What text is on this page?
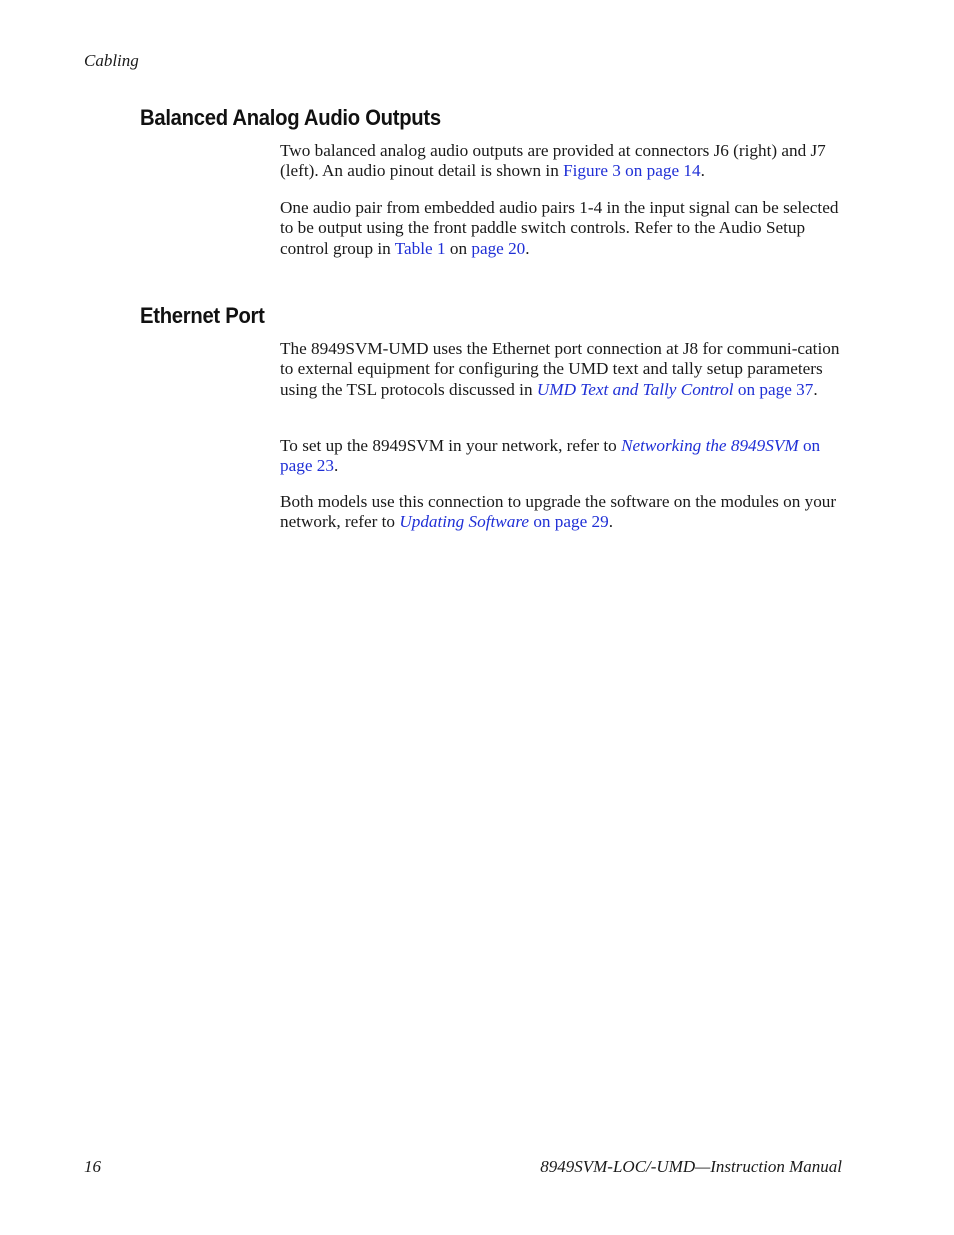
Cabling
Balanced Analog Audio Outputs

Two balanced analog audio outputs are provided at connectors J6 (right) and J7 (left). An audio pinout detail is shown in Figure 3 on page 14.

One audio pair from embedded audio pairs 1-4 in the input signal can be selected to be output using the front paddle switch controls. Refer to the Audio Setup control group in Table 1 on page 20.

Ethernet Port

The 8949SVM-UMD uses the Ethernet port connection at J8 for communi-cation to external equipment for configuring the UMD text and tally setup parameters using the TSL protocols discussed in UMD Text and Tally Control on page 37.

To set up the 8949SVM in your network, refer to Networking the 8949SVM on page 23.

Both models use this connection to upgrade the software on the modules on your network, refer to Updating Software on page 29.

16	8949SVM-LOC/-UMD—Instruction Manual
